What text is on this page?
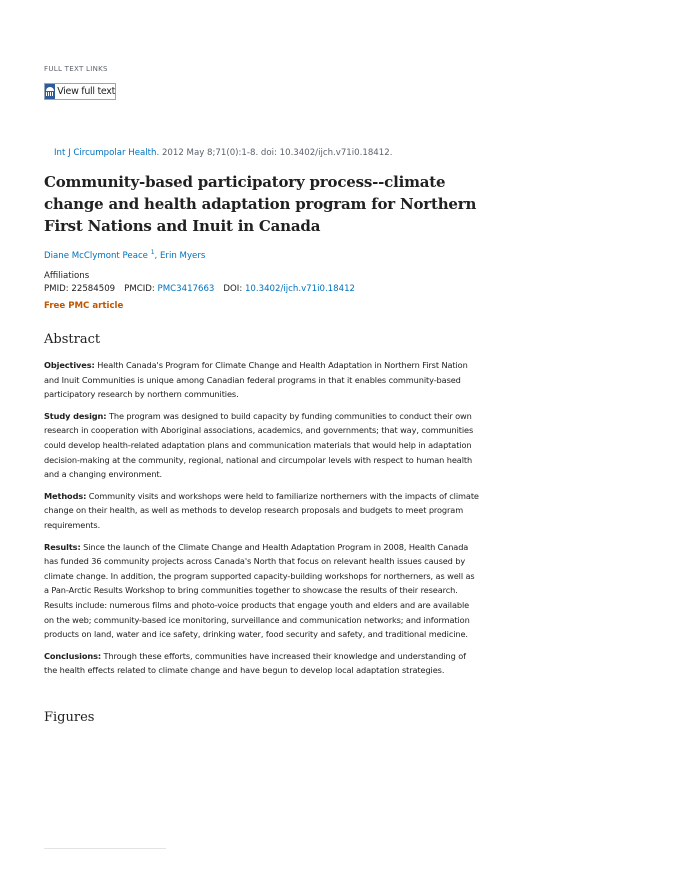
FULL TEXT LINKS
View full text
Int J Circumpolar Health. 2012 May 8;71(0):1-8. doi: 10.3402/ijch.v71i0.18412.
Community-based participatory process--climate change and health adaptation program for Northern First Nations and Inuit in Canada
Diane McClymont Peace $^1$, Erin Myers
Affiliations
PMID: 22584509 PMCID: PMC3417663 DOI: 10.3402/ijch.v71i0.18412
Free PMC article
Abstract

Objectives: Health Canada's Program for Climate Change and Health Adaptation in Northern First Nation and Inuit Communities is unique among Canadian federal programs in that it enables community-based participatory research by northern communities.

Study design: The program was designed to build capacity by funding communities to conduct their own research in cooperation with Aboriginal associations, academics, and governments; that way, communities could develop health-related adaptation plans and communication materials that would help in adaptation decision-making at the community, regional, national and circumpolar levels with respect to human health and a changing environment.

Methods: Community visits and workshops were held to familiarize northerners with the impacts of climate change on their health, as well as methods to develop research proposals and budgets to meet program requirements.

Results: Since the launch of the Climate Change and Health Adaptation Program in 2008, Health Canada has funded 36 community projects across Canada's North that focus on relevant health issues caused by climate change. In addition, the program supported capacity-building workshops for northerners, as well as a Pan-Arctic Results Workshop to bring communities together to showcase the results of their research. Results include: numerous films and photo-voice products that engage youth and elders and are available on the web; community-based ice monitoring, surveillance and communication networks; and information products on land, water and ice safety, drinking water, food security and safety, and traditional medicine.

Conclusions: Through these efforts, communities have increased their knowledge and understanding of the health effects related to climate change and have begun to develop local adaptation strategies.

Figures
